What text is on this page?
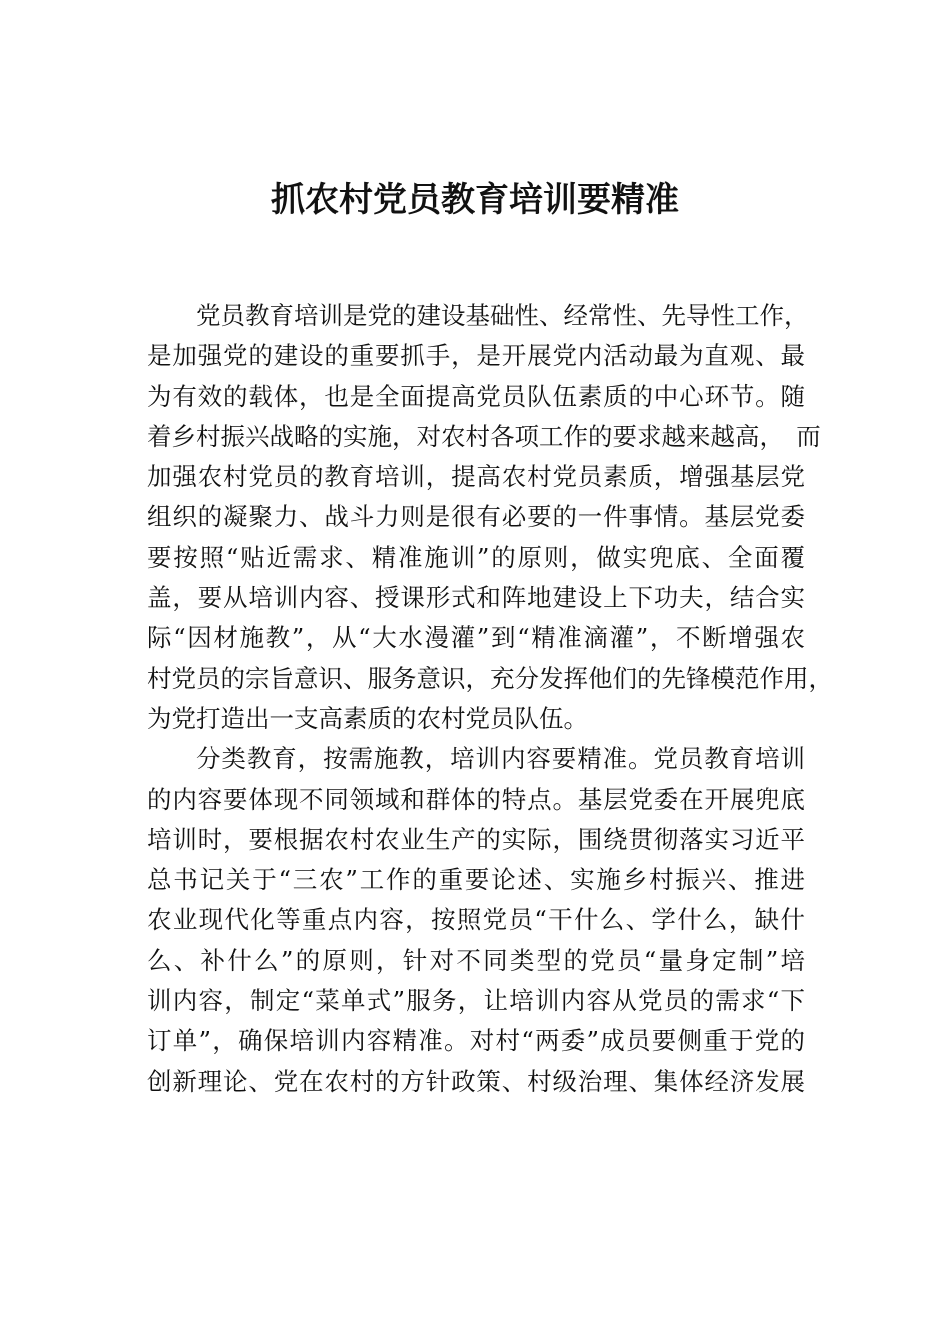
抓农村党员教育培训要精准
党员教育培训是党的建设基础性、经常性、先导性工作，
是加强党的建设的重要抓手，是开展党内活动最为直观、最
为有效的载体，也是全面提高党员队伍素质的中心环节。随
着乡村振兴战略的实施，对农村各项工作的要求越来越高，　而
加强农村党员的教育培训，提高农村党员素质，增强基层党
组织的凝聚力、战斗力则是很有必要的一件事情。基层党委
要按照“贴近需求、精准施训”的原则，做实兜底、全面覆
盖，要从培训内容、授课形式和阵地建设上下功夫，结合实
际“因材施教”，从“大水漫灌”到“精准滴灌”，不断增强农
村党员的宗旨意识、服务意识，充分发挥他们的先锋模范作用，
为党打造出一支高素质的农村党员队伍。
分类教育，按需施教，培训内容要精准。党员教育培训
的内容要体现不同领域和群体的特点。基层党委在开展兜底
培训时，要根据农村农业生产的实际，围绕贯彻落实习近平
总书记关于“三农”工作的重要论述、实施乡村振兴、推进
农业现代化等重点内容，按照党员“干什么、学什么，缺什
么、补什么”的原则，针对不同类型的党员“量身定制”培
训内容，制定“菜单式”服务，让培训内容从党员的需求“下
订单”，确保培训内容精准。对村“两委”成员要侧重于党的
创新理论、党在农村的方针政策、村级治理、集体经济发展
